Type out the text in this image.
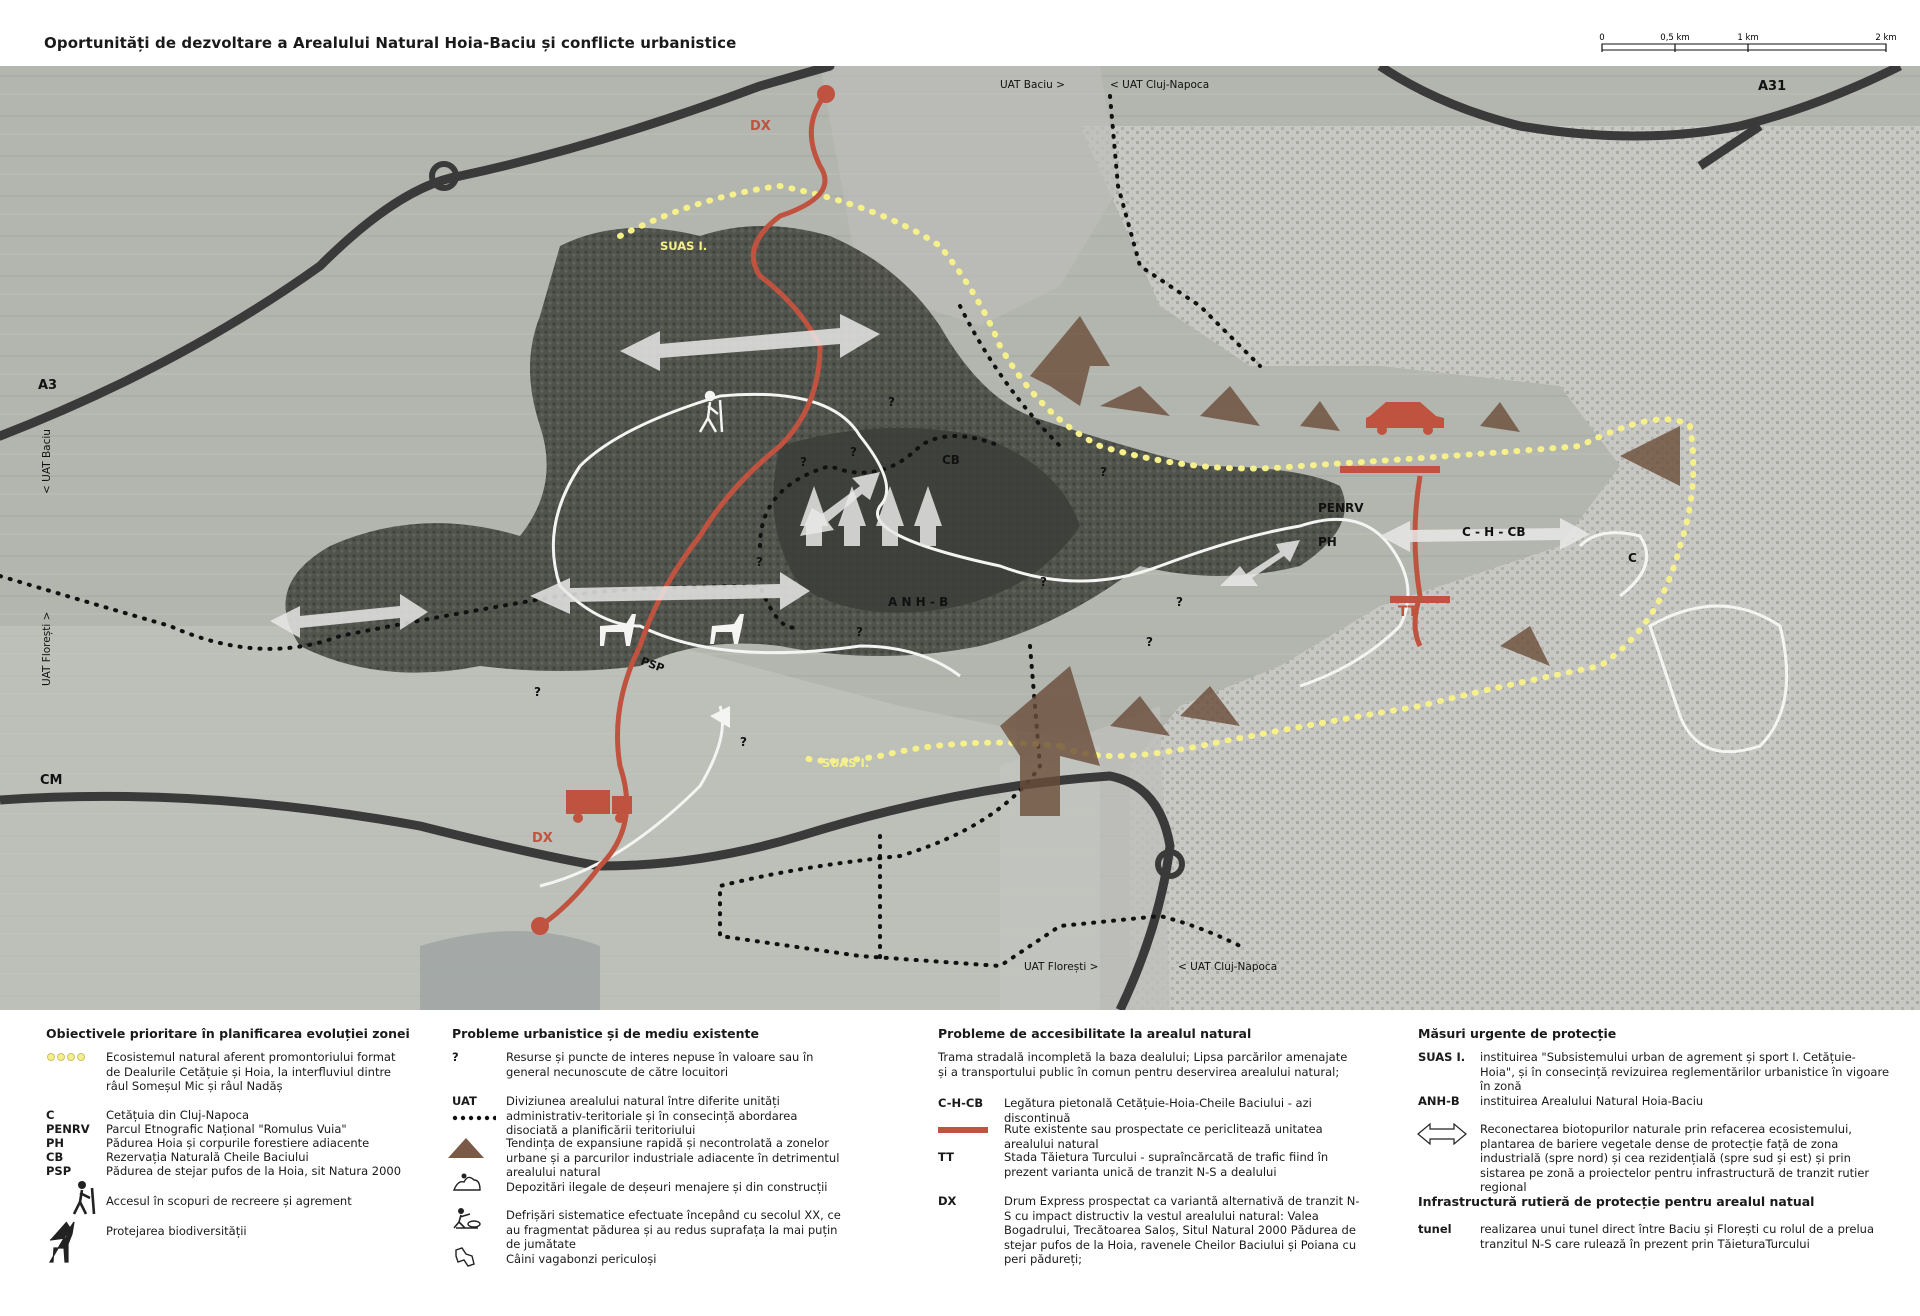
Oportunități de dezvoltare a Arealului Natural Hoia-Baciu și conflicte urbanistice	0	0,5 km	1 km	2 km
A31
A3
CM
UAT Baciu >	< UAT Cluj-Napoca
< UAT Baciu
UAT Florești >
UAT Florești >	< UAT Cluj-Napoca
DX
DX
SUAS I.
SUAS I.
A N H - B
PENRV
PH
CB
C
C - H - CB
TT
PSP
?
?
?
?
?
?
?
?
?
?
?
Obiectivele prioritare în planificarea evoluției zonei
Ecosistemul natural aferent promontoriului format de Dealurile Cetățuie și Hoia, la interfluviul dintre râul Someșul Mic și râul Nadăș
C	Cetățuia din Cluj-Napoca
PENRV Parcul Etnografic Național "Romulus Vuia"
PH	Pădurea Hoia și corpurile forestiere adiacente
CB	Rezervația Naturală Cheile Baciului
PSP	Pădurea de stejar pufos de la Hoia, sit Natura 2000
Accesul în scopuri de recreere și agrement
Protejarea biodiversității
Probleme urbanistice și de mediu existente
?	Resurse și puncte de interes nepuse în valoare sau în general necunoscute de către locuitori
UAT	Diviziunea arealului natural între diferite unități administrativ-teritoriale și în consecință abordarea disociată a planificării teritoriului
Tendința de expansiune rapidă și necontrolată a zonelor urbane și a parcurilor industriale adiacente în detrimentul arealului natural
Depozitări ilegale de deșeuri menajere și din construcții
Defrișări sistematice efectuate începând cu secolul XX, ce au fragmentat pădurea și au redus suprafața la mai puțin de jumătate
Câini vagabonzi periculoși
Probleme de accesibilitate la arealul natural
Trama stradală incompletă la baza dealului; Lipsa parcărilor amenajate și a transportului public în comun pentru deservirea arealului natural;
C-H-CB Legătura pietonală Cetățuie-Hoia-Cheile Baciului - azi discontinuă
Rute existente sau prospectate ce periclitează unitatea arealului natural
TT	Stada Tăietura Turcului - supraîncărcată de trafic fiind în prezent varianta unică de tranzit N-S a dealului
DX	Drum Express prospectat ca variantă alternativă de tranzit N-S cu impact distructiv la vestul arealului natural: Valea Bogadrului, Trecătoarea Saloș, Situl Natural 2000 Pădurea de stejar pufos de la Hoia, ravenele Cheilor Baciului și Poiana cu peri pădureți;
Măsuri urgente de protecție
SUAS I. instituirea "Subsistemului urban de agrement și sport I. Cetățuie-Hoia", și în consecință revizuirea reglementărilor urbanistice în vigoare în zonă
ANH-B instituirea Arealului Natural Hoia-Baciu
Reconectarea biotopurilor naturale prin refacerea ecosistemului, plantarea de bariere vegetale dense de protecție față de zona industrială (spre nord) și cea rezidențială (spre sud și est) și prin sistarea pe zonă a proiectelor pentru infrastructură de tranzit rutier regional
Infrastructură rutieră de protecție pentru arealul natual
tunel realizarea unui tunel direct între Baciu și Florești cu rolul de a prelua tranzitul N-S care rulează în prezent prin TăieturaTurcului
